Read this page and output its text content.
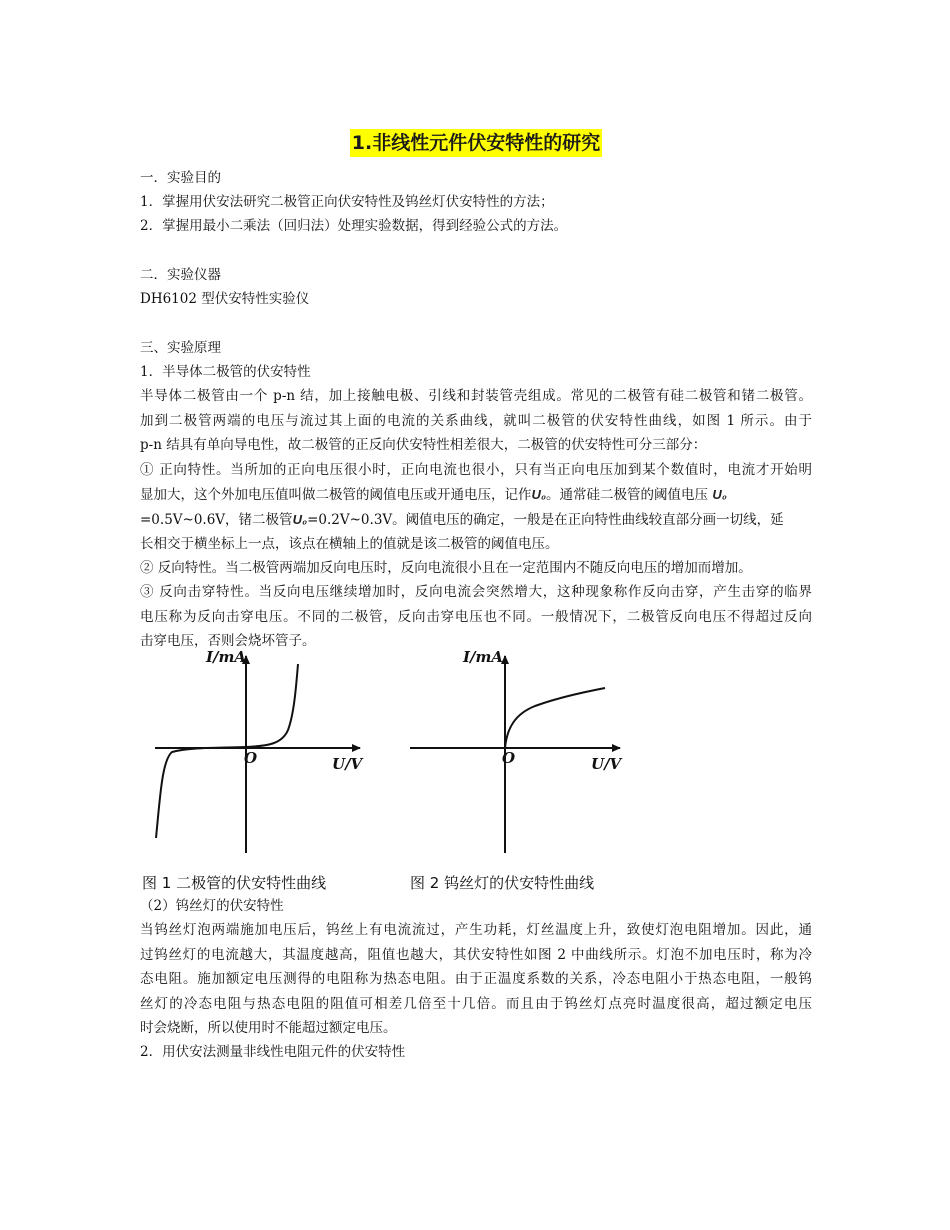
1.非线性元件伏安特性的研究
一．实验目的
1．掌握用伏安法研究二极管正向伏安特性及钨丝灯伏安特性的方法；
2．掌握用最小二乘法（回归法）处理实验数据，得到经验公式的方法。
二．实验仪器
DH6102 型伏安特性实验仪
三、实验原理
1．半导体二极管的伏安特性
半导体二极管由一个 p-n 结，加上接触电极、引线和封装管壳组成。常见的二极管有硅二极管和锗二极管。
加到二极管两端的电压与流过其上面的电流的关系曲线，就叫二极管的伏安特性曲线，如图 1 所示。由于
p-n 结具有单向导电性，故二极管的正反向伏安特性相差很大，二极管的伏安特性可分三部分：
① 正向特性。当所加的正向电压很小时，正向电流也很小，只有当正向电压加到某个数值时，电流才开始明
显加大，这个外加电压值叫做二极管的阈值电压或开通电压，记作U₀。通常硅二极管的阈值电压 U₀
=0.5V~0.6V，锗二极管U₀=0.2V~0.3V。阈值电压的确定，一般是在正向特性曲线较直部分画一切线，延
长相交于横坐标上一点，该点在横轴上的值就是该二极管的阈值电压。
② 反向特性。当二极管两端加反向电压时，反向电流很小且在一定范围内不随反向电压的增加而增加。
③ 反向击穿特性。当反向电压继续增加时，反向电流会突然增大，这种现象称作反向击穿，产生击穿的临界
电压称为反向击穿电压。不同的二极管，反向击穿电压也不同。一般情况下，二极管反向电压不得超过反向
击穿电压，否则会烧坏管子。
I/mA
O	U/V
I/mA
O	U/V
图 1 二极管的伏安特性曲线	图 2 钨丝灯的伏安特性曲线
（2）钨丝灯的伏安特性
当钨丝灯泡两端施加电压后，钨丝上有电流流过，产生功耗，灯丝温度上升，致使灯泡电阻增加。因此，通
过钨丝灯的电流越大，其温度越高，阻值也越大，其伏安特性如图 2 中曲线所示。灯泡不加电压时，称为冷
态电阻。施加额定电压测得的电阻称为热态电阻。由于正温度系数的关系，冷态电阻小于热态电阻，一般钨
丝灯的冷态电阻与热态电阻的阻值可相差几倍至十几倍。而且由于钨丝灯点亮时温度很高，超过额定电压
时会烧断，所以使用时不能超过额定电压。
2．用伏安法测量非线性电阻元件的伏安特性
